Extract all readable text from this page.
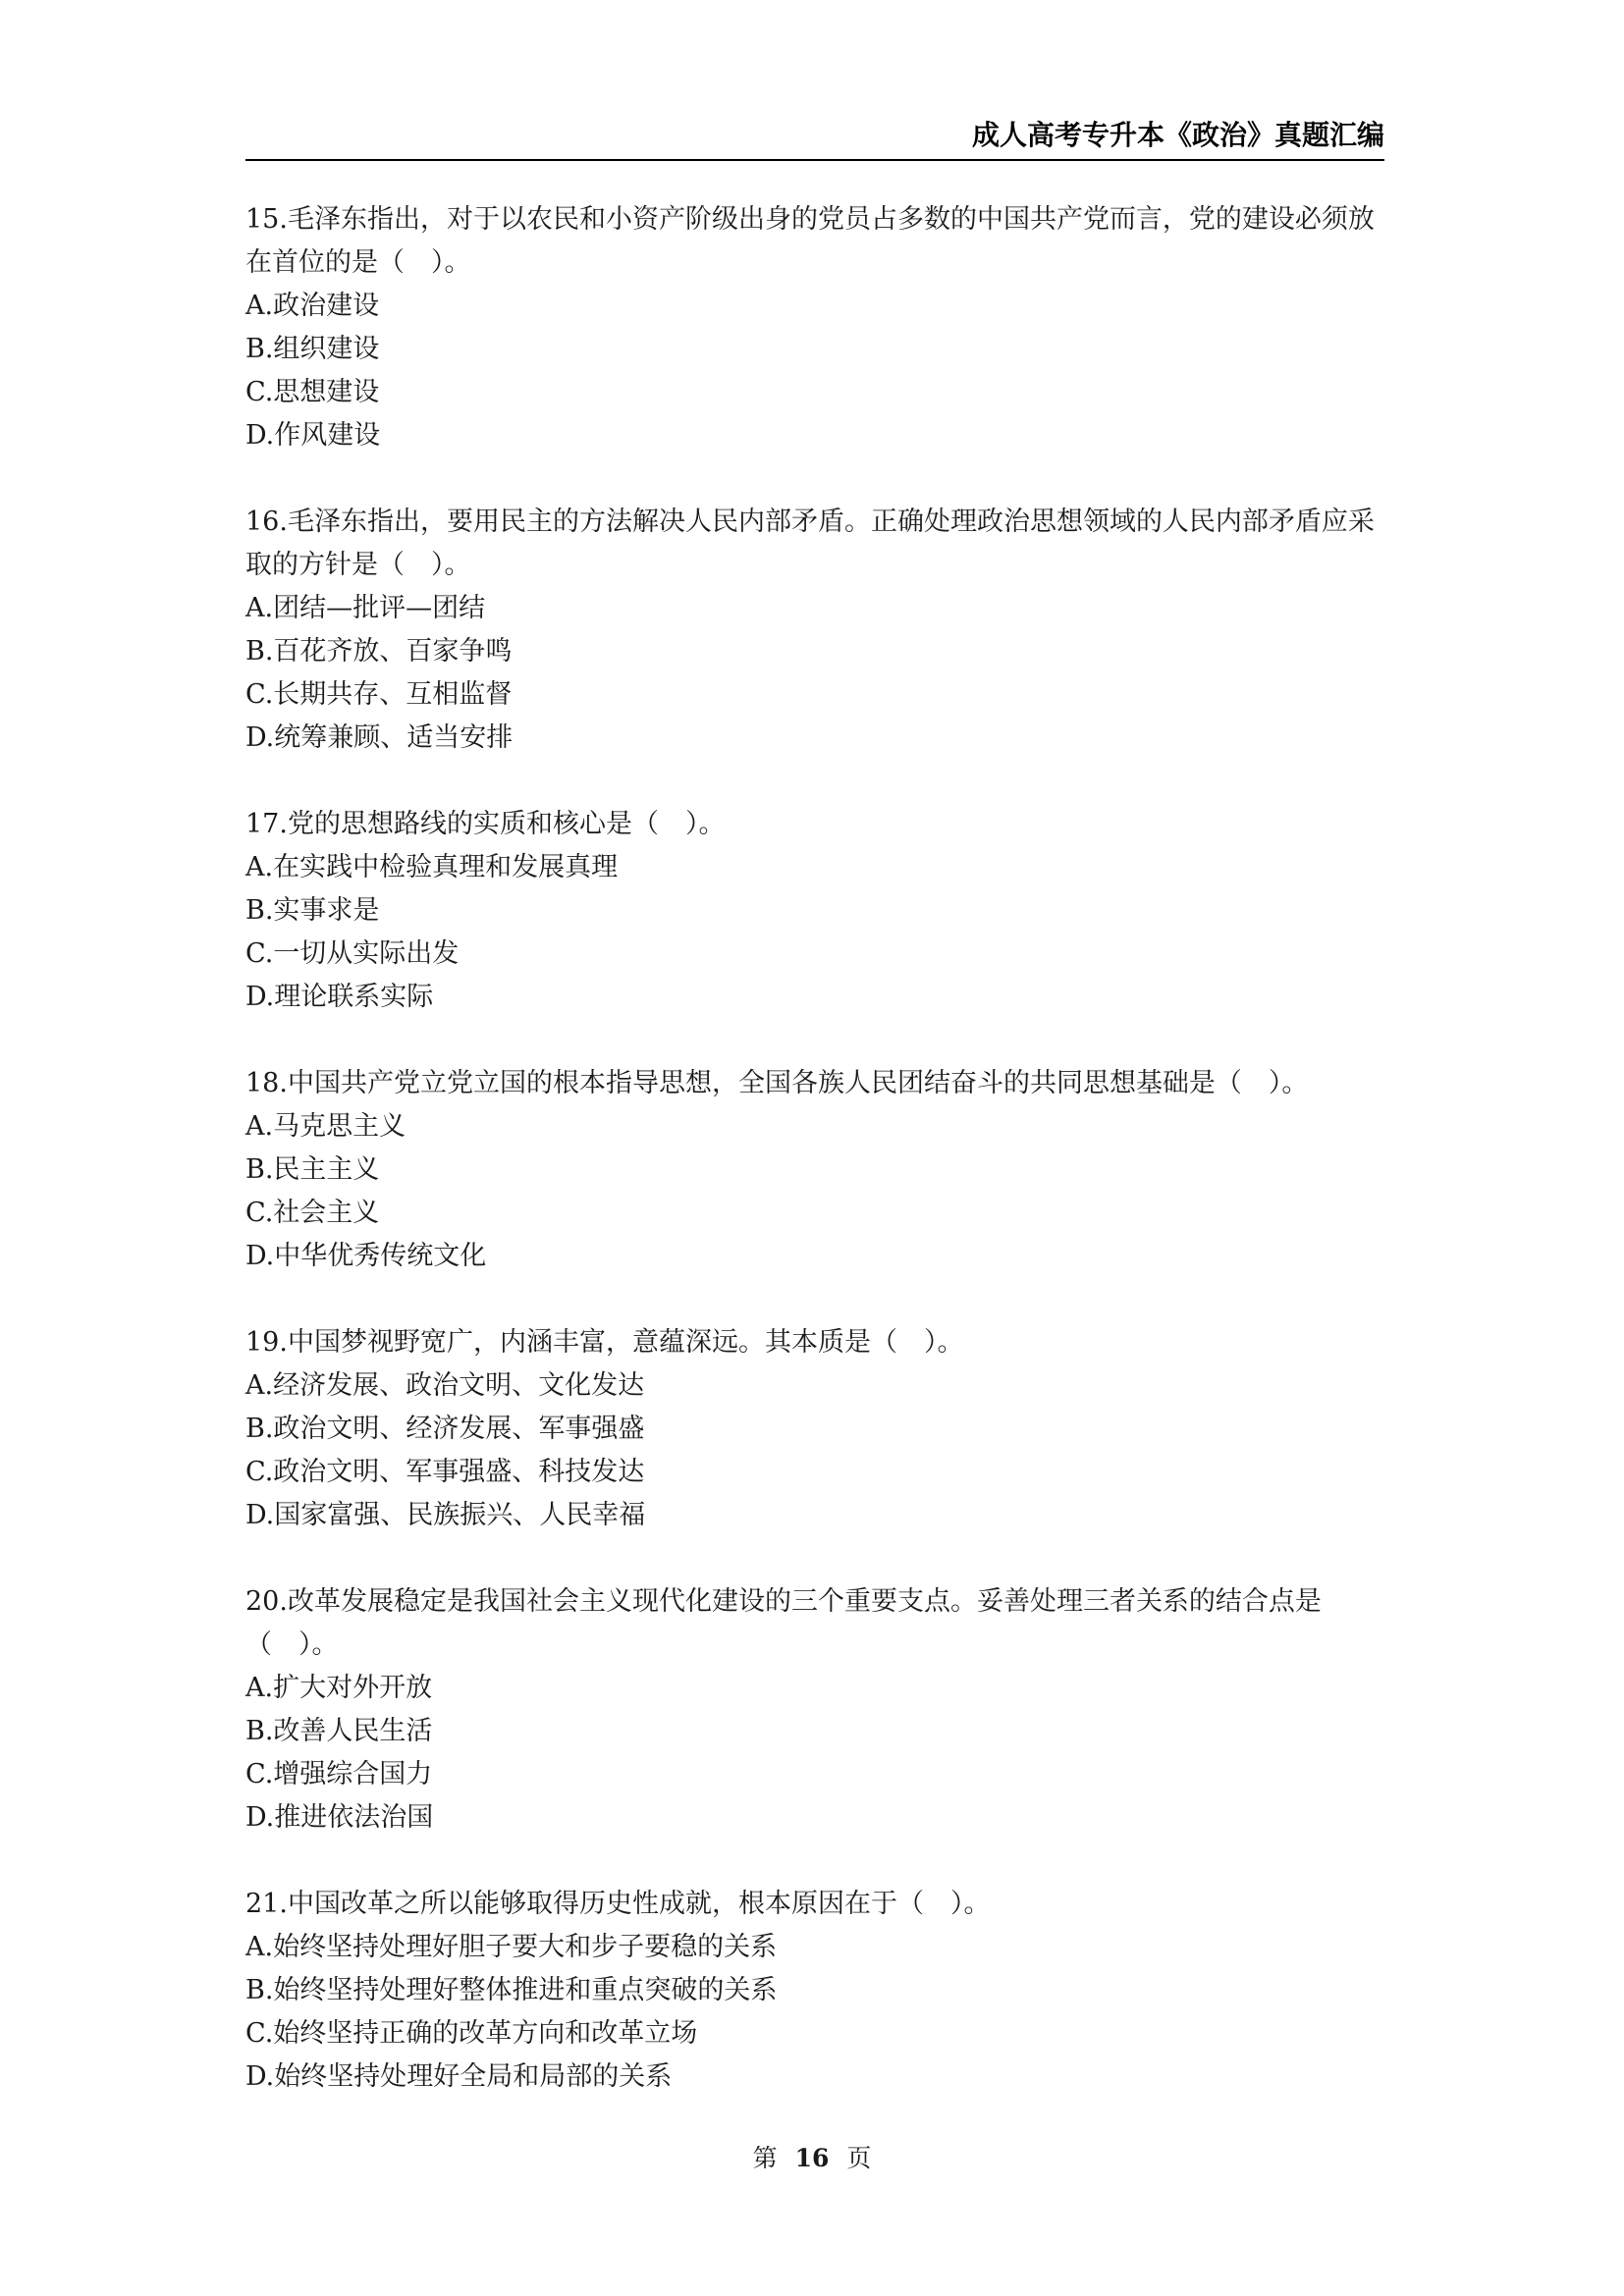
成人高考专升本《政治》真题汇编

15.毛泽东指出，对于以农民和小资产阶级出身的党员占多数的中国共产党而言，党的建设必须放在首位的是（　）。

A.政治建设

B.组织建设

C.思想建设

D.作风建设

16.毛泽东指出，要用民主的方法解决人民内部矛盾。正确处理政治思想领域的人民内部矛盾应采取的方针是（　）。

A.团结—批评—团结

B.百花齐放、百家争鸣

C.长期共存、互相监督

D.统筹兼顾、适当安排

17.党的思想路线的实质和核心是（　）。

A.在实践中检验真理和发展真理

B.实事求是

C.一切从实际出发

D.理论联系实际

18.中国共产党立党立国的根本指导思想，全国各族人民团结奋斗的共同思想基础是（　）。

A.马克思主义

B.民主主义

C.社会主义

D.中华优秀传统文化

19.中国梦视野宽广，内涵丰富，意蕴深远。其本质是（　）。

A.经济发展、政治文明、文化发达

B.政治文明、经济发展、军事强盛

C.政治文明、军事强盛、科技发达

D.国家富强、民族振兴、人民幸福

20.改革发展稳定是我国社会主义现代化建设的三个重要支点。妥善处理三者关系的结合点是（　）。

A.扩大对外开放

B.改善人民生活

C.增强综合国力

D.推进依法治国

21.中国改革之所以能够取得历史性成就，根本原因在于（　）。

A.始终坚持处理好胆子要大和步子要稳的关系

B.始终坚持处理好整体推进和重点突破的关系

C.始终坚持正确的改革方向和改革立场

D.始终坚持处理好全局和局部的关系

第 16 页
